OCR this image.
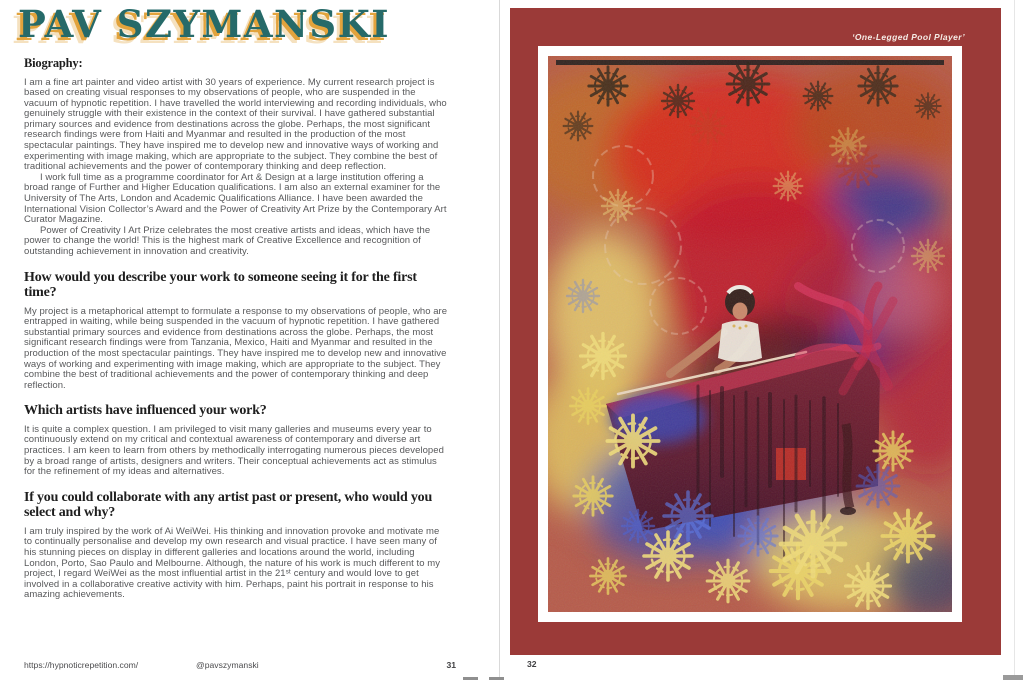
PAV SZYMANSKI
Biography:

I am a fine art painter and video artist with 30 years of experience. My current research project is based on creating visual responses to my observations of people, who are suspended in the vacuum of hypnotic repetition. I have travelled the world interviewing and recording individuals, who genuinely struggle with their existence in the context of their survival. I have gathered substantial primary sources and evidence from destinations across the globe. Perhaps, the most significant research findings were from Haiti and Myanmar and resulted in the production of the most spectacular paintings. They have inspired me to develop new and innovative ways of working and experimenting with image making, which are appropriate to the subject. They combine the best of traditional achievements and the power of contemporary thinking and deep reflection.

I work full time as a programme coordinator for Art & Design at a large institution offering a broad range of Further and Higher Education qualifications. I am also an external examiner for the University of The Arts, London and Academic Qualifications Alliance. I have been awarded the International Vision Collector’s Award and the Power of Creativity Art Prize by the Contemporary Art Curator Magazine.

Power of Creativity I Art Prize celebrates the most creative artists and ideas, which have the power to change the world! This is the highest mark of Creative Excellence and recognition of outstanding achievement in innovation and creativity.

How would you describe your work to someone seeing it for the first time?

My project is a metaphorical attempt to formulate a response to my observations of people, who are entrapped in waiting, while being suspended in the vacuum of hypnotic repetition. I have gathered substantial primary sources and evidence from destinations across the globe. Perhaps, the most significant research findings were from Tanzania, Mexico, Haiti and Myanmar and resulted in the production of the most spectacular paintings. They have inspired me to develop new and innovative ways of working and experimenting with image making, which are appropriate to the subject. They combine the best of traditional achievements and the power of contemporary thinking and deep reflection.

Which artists have influenced your work?

It is quite a complex question. I am privileged to visit many galleries and museums every year to continuously extend on my critical and contextual awareness of contemporary and diverse art practices. I am keen to learn from others by methodically interrogating numerous pieces developed by a broad range of artists, designers and writers. Their conceptual achievements act as stimulus for the refinement of my ideas and alternatives.

If you could collaborate with any artist past or present, who would you select and why?

I am truly inspired by the work of Ai WeiWei. His thinking and innovation provoke and motivate me to continually personalise and develop my own research and visual practice. I have seen many of his stunning pieces on display in different galleries and locations around the world, including London, Porto, Sao Paulo and Melbourne. Although, the nature of his work is much different to my project, I regard WeiWei as the most influential artist in the 21ˢᵗ century and would love to get involved in a collaborative creative activity with him. Perhaps, paint his portrait in response to his amazing achievements.

https://hypnoticrepetition.com/	@pavszymanski	31
‘One-Legged Pool Player’
32
